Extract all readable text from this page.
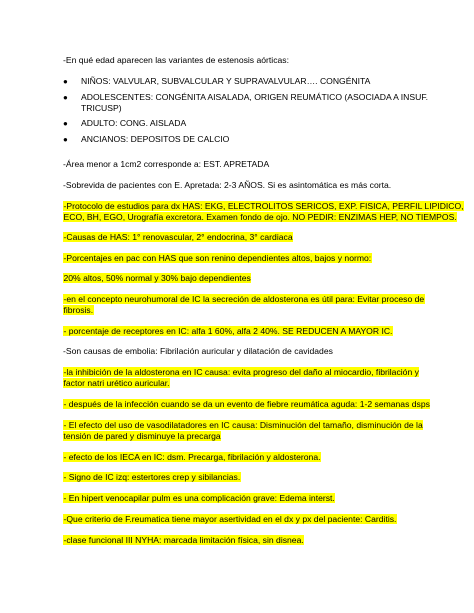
-En qué edad aparecen las variantes de estenosis aórticas:
● NIÑOS: VALVULAR, SUBVALCULAR Y SUPRAVALVULAR…. CONGÉNITA
● ADOLESCENTES: CONGÉNITA AISALADA, ORIGEN REUMÁTICO (ASOCIADA A INSUF.
TRICUSP)
● ADULTO: CONG. AISLADA
● ANCIANOS: DEPOSITOS DE CALCIO
-Área menor a 1cm2 corresponde a: EST. APRETADA
-Sobrevida de pacientes con E. Apretada: 2-3 AÑOS. Si es asintomática es más corta.
-Protocolo de estudios para dx HAS: EKG, ELECTROLITOS SERICOS, EXP. FISICA, PERFIL LIPIDICO,
ECO, BH, EGO, Urografía excretora. Examen fondo de ojo. NO PEDIR: ENZIMAS HEP, NO TIEMPOS.
-Causas de HAS: 1° renovascular, 2° endocrina, 3° cardiaca
-Porcentajes en pac con HAS que son renino dependientes altos, bajos y normo:
20% altos, 50% normal y 30% bajo dependientes
-en el concepto neurohumoral de IC la secreción de aldosterona es útil para: Evitar proceso de
fibrosis.
- porcentaje de receptores en IC: alfa 1 60%, alfa 2 40%. SE REDUCEN A MAYOR IC.
-Son causas de embolia: Fibrilación auricular y dilatación de cavidades
-la inhibición de la aldosterona en IC causa: evita progreso del daño al miocardio, fibrilación y
factor natri urético auricular.
- después de la infección cuando se da un evento de fiebre reumática aguda: 1-2 semanas dsps
- El efecto del uso de vasodilatadores en IC causa: Disminución del tamaño, disminución de la
tensión de pared y disminuye la precarga
- efecto de los IECA en IC: dsm. Precarga, fibrilación y aldosterona.
- Signo de IC izq: estertores crep y sibilancias.
- En hipert venocapilar pulm es una complicación grave: Edema interst.
-Que criterio de F.reumatica tiene mayor asertividad en el dx y px del paciente: Carditis.
-clase funcional III NYHA: marcada limitación física, sin disnea.
